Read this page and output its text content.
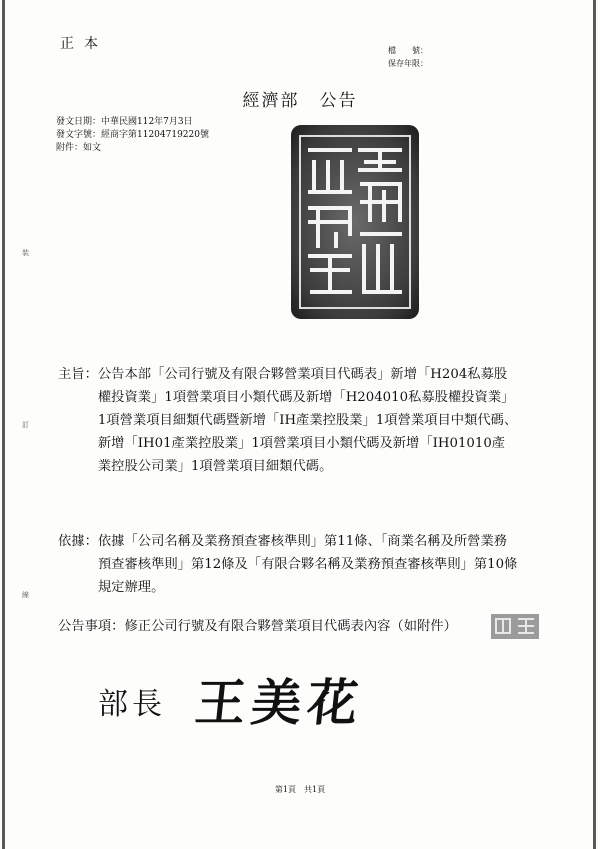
正本	檔　　號：
保存年限：
經濟部 公告
發文日期：中華民國112年7月3日
發文字號：經商字第11204719220號
附件：如文
裝
訂
線
主旨： 公告本部「公司行號及有限合夥營業項目代碼表」新增「H204私募股權投資業」1項營業項目小類代碼及新增「H204010私募股權投資業」1項營業項目細類代碼暨新增「IH產業控股業」1項營業項目中類代碼、新增「IH01產業控股業」1項營業項目小類代碼及新增「IH01010產業控股公司業」1項營業項目細類代碼。
依據： 依據「公司名稱及業務預查審核準則」第11條、「商業名稱及所營業務預查審核準則」第12條及「有限合夥名稱及業務預查審核準則」第10條規定辦理。
公告事項：修正公司行號及有限合夥營業項目代碼表內容（如附件）
部長 王美花
第1頁　共1頁
